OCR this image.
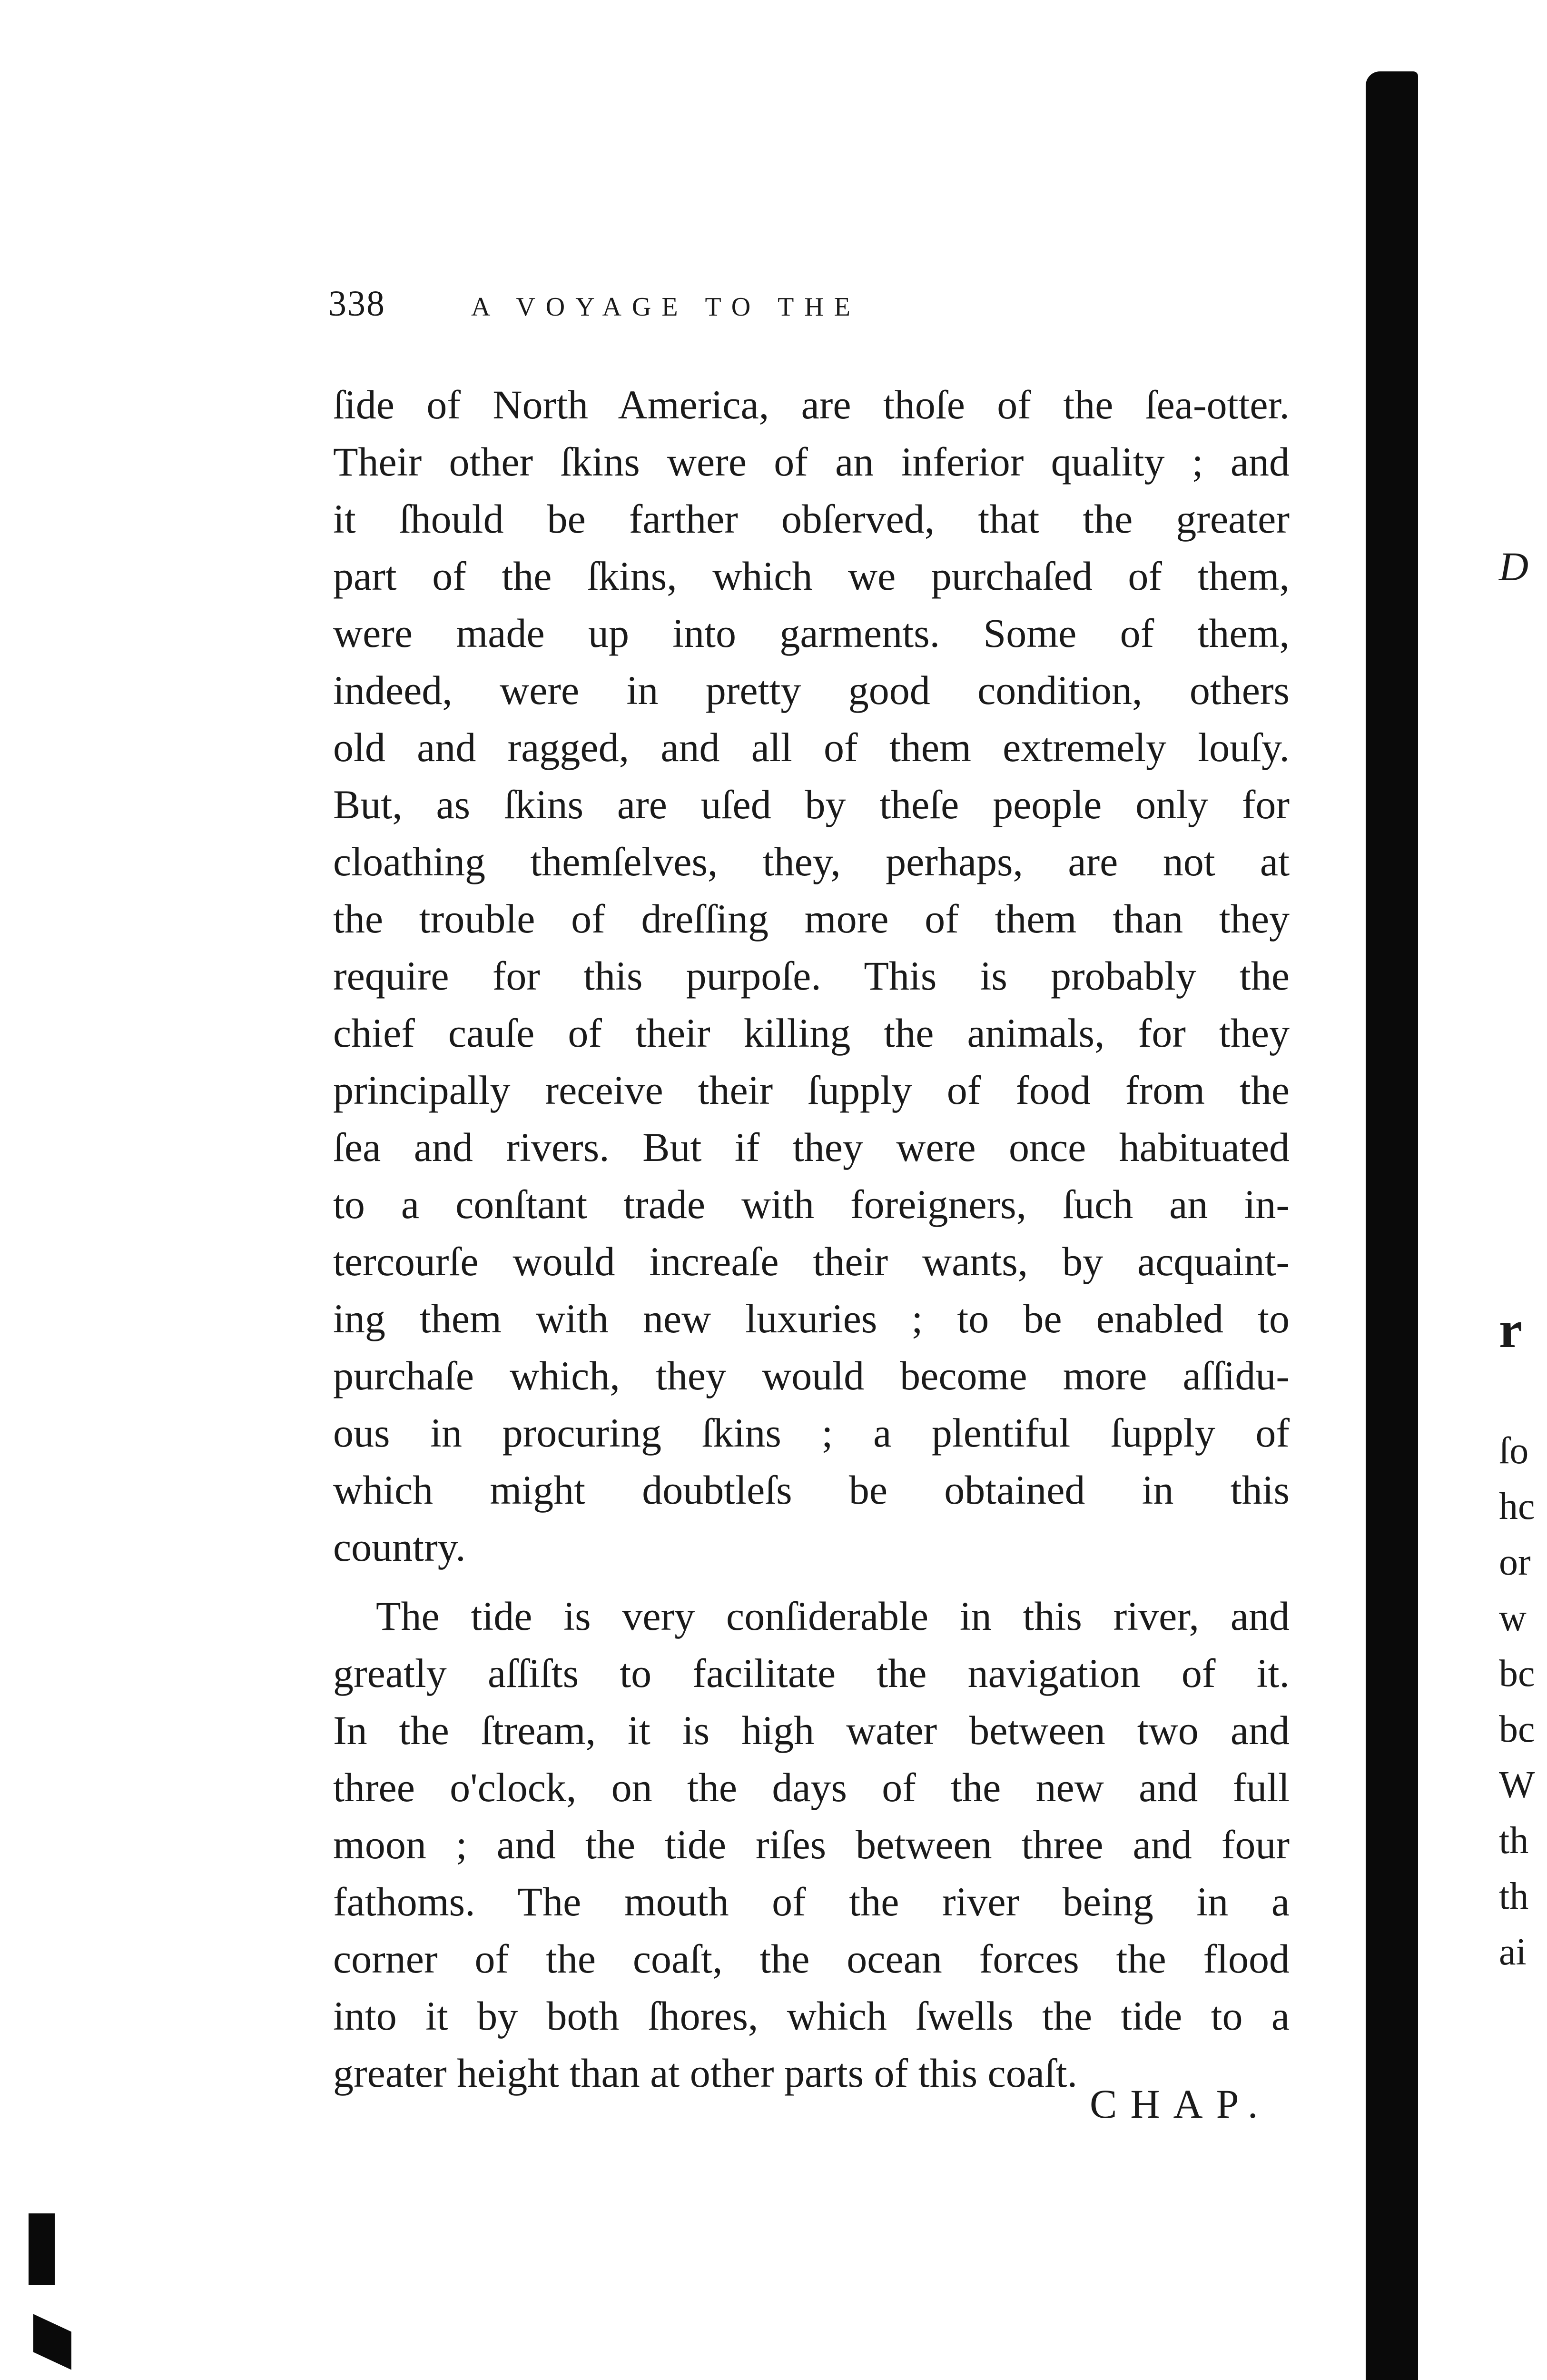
338	A VOYAGE TO THE
ſide of North America, are thoſe of the ſea-otter.
Their other ſkins were of an inferior quality ; and
it ſhould be farther obſerved, that the greater
part of the ſkins, which we purchaſed of them,
were made up into garments. Some of them,
indeed, were in pretty good condition, others
old and ragged, and all of them extremely louſy.
But, as ſkins are uſed by theſe people only for
cloathing themſelves, they, perhaps, are not at
the trouble of dreſſing more of them than they
require for this purpoſe. This is probably the
chief cauſe of their killing the animals, for they
principally receive their ſupply of food from the
ſea and rivers. But if they were once habituated
to a conſtant trade with foreigners, ſuch an in-
tercourſe would increaſe their wants, by acquaint-
ing them with new luxuries ; to be enabled to
purchaſe which, they would become more aſſidu-
ous in procuring ſkins ; a plentiful ſupply of
which might doubtleſs be obtained in this
country.
The tide is very conſiderable in this river, and
greatly aſſiſts to facilitate the navigation of it.
In the ſtream, it is high water between two and
three o'clock, on the days of the new and full
moon ; and the tide riſes between three and four
fathoms. The mouth of the river being in a
corner of the coaſt, the ocean forces the flood
into it by both ſhores, which ſwells the tide to a
greater height than at other parts of this coaſt.
CHAP.
D
r
ſo
hc
or
w
bc
bc
W
th
th
ai
